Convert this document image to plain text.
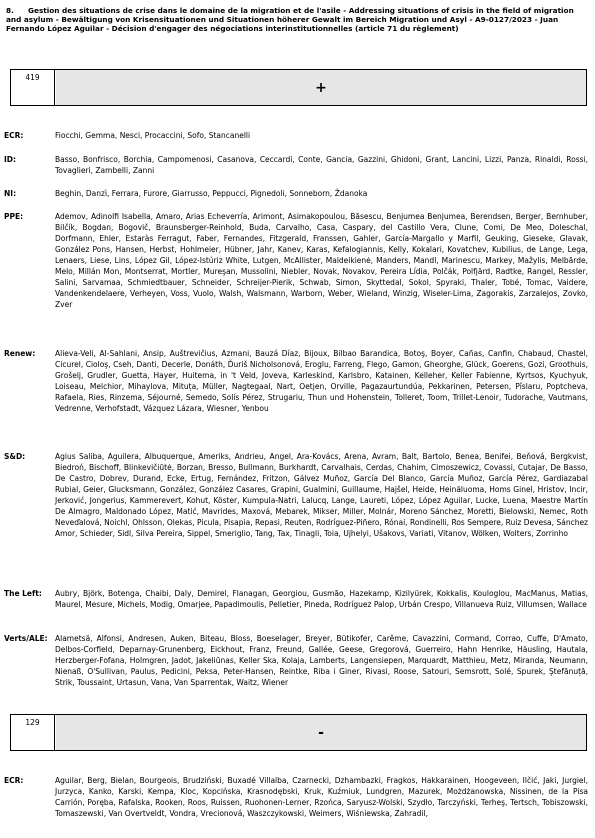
8. Gestion des situations de crise dans le domaine de la migration et de l'asile - Addressing situations of crisis in the field of migration and asylum - Bewältigung von Krisensituationen und Situationen höherer Gewalt im Bereich Migration und Asyl - A9-0127/2023 - Juan Fernando López Aguilar - Décision d'engager des négociations interinstitutionnelles (article 71 du règlement)
419
+
ECR:	Fiocchi, Gemma, Nesci, Procaccini, Sofo, Stancanelli
ID:	Basso, Bonfrisco, Borchia, Campomenosi, Casanova, Ceccardi, Conte, Gancia, Gazzini, Ghidoni, Grant, Lancini, Lizzi, Panza, Rinaldi, Rossi, Tovaglieri, Zambelli, Zanni
NI:	Beghin, Danzì, Ferrara, Furore, Giarrusso, Peppucci, Pignedoli, Sonneborn, Ždanoka
PPE:	Ademov, Adinolfi Isabella, Amaro, Arias Echeverría, Arimont, Asimakopoulou, Băsescu, Benjumea Benjumea, Berendsen, Berger, Bernhuber, Bilčík, Bogdan, Bogovič, Braunsberger-Reinhold, Buda, Carvalho, Casa, Caspary, del Castillo Vera, Clune, Comi, De Meo, Doleschal, Dorfmann, Ehler, Estaràs Ferragut, Faber, Fernandes, Fitzgerald, Franssen, Gahler, García-Margallo y Marfil, Geuking, Gieseke, Glavak, González Pons, Hansen, Herbst, Hohlmeier, Hübner, Jahr, Kanev, Karas, Kefalogiannis, Kelly, Kokalari, Kovatchev, Kubilius, de Lange, Lega, Lenaers, Liese, Lins, López Gil, López-Istúriz White, Lutgen, McAllister, Maldeikienė, Manders, Mandl, Marinescu, Markey, Mažylis, Melbārde, Melo, Millán Mon, Montserrat, Mortler, Mureşan, Mussolini, Niebler, Novak, Novakov, Pereira Lídia, Polčák, Polfjärd, Radtke, Rangel, Ressler, Salini, Sarvamaa, Schmiedtbauer, Schneider, Schreijer-Pierik, Schwab, Simon, Skyttedal, Sokol, Spyraki, Thaler, Tobé, Tomac, Vaidere, Vandenkendelaere, Verheyen, Voss, Vuolo, Walsh, Walsmann, Warborn, Weber, Wieland, Winzig, Wiseler-Lima, Zagorakis, Zarzalejos, Zovko, Zver
Renew:	Alieva-Veli, Al-Sahlani, Ansip, Auštrevičius, Azmani, Bauzá Díaz, Bijoux, Bilbao Barandica, Botoş, Boyer, Cañas, Canfin, Chabaud, Chastel, Cicurel, Cioloş, Cseh, Danti, Decerle, Donáth, Ďuriš Nicholsonová, Eroglu, Farreng, Flego, Gamon, Gheorghe, Glück, Goerens, Gozi, Groothuis, Grošelj, Grudler, Guetta, Hayer, Huitema, in 't Veld, Joveva, Karleskind, Karlsbro, Katainen, Kelleher, Keller Fabienne, Kyrtsos, Kyuchyuk, Loiseau, Melchior, Mihaylova, Mituța, Müller, Nagtegaal, Nart, Oetjen, Orville, Pagazaurtundúa, Pekkarinen, Petersen, Pîslaru, Poptcheva, Rafaela, Ries, Rinzema, Séjourné, Semedo, Solís Pérez, Strugariu, Thun und Hohenstein, Tolleret, Toom, Trillet-Lenoir, Tudorache, Vautmans, Vedrenne, Verhofstadt, Vázquez Lázara, Wiesner, Yenbou
S&D:	Agius Saliba, Aguilera, Albuquerque, Ameriks, Andrieu, Angel, Ara-Kovács, Arena, Avram, Balt, Bartolo, Benea, Benifei, Beňová, Bergkvist, Biedroń, Bischoff, Blinkevičiūtė, Borzan, Bresso, Bullmann, Burkhardt, Carvalhais, Cerdas, Chahim, Cimoszewicz, Covassi, Cutajar, De Basso, De Castro, Dobrev, Durand, Ecke, Ertug, Fernández, Fritzon, Gálvez Muñoz, García Del Blanco, García Muñoz, García Pérez, Gardiazabal Rubial, Geier, Glucksmann, González, González Casares, Grapini, Gualmini, Guillaume, Hajšel, Heide, Heinäluoma, Homs Ginel, Hristov, Incir, Jerković, Jongerius, Kammerevert, Kohut, Köster, Kumpula-Natri, Lalucq, Lange, Laureti, López, López Aguilar, Lucke, Luena, Maestre Martín De Almagro, Maldonado López, Matić, Mavrides, Maxová, Mebarek, Mikser, Miller, Molnár, Moreno Sánchez, Moretti, Bielowski, Nemec, Roth Neveďalová, Noichl, Ohlsson, Olekas, Picula, Pisapia, Repasi, Reuten, Rodríguez-Piñero, Rónai, Rondinelli, Ros Sempere, Ruiz Devesa, Sánchez Amor, Schieder, Sidl, Silva Pereira, Sippel, Smeriglio, Tang, Tax, Tinagli, Toia, Ujhelyi, Ušakovs, Variati, Vitanov, Wölken, Wolters, Zorrinho
The Left:	Aubry, Björk, Botenga, Chaibi, Daly, Demirel, Flanagan, Georgiou, Gusmão, Hazekamp, Kizilyürek, Kokkalis, Kouloglou, MacManus, Matias, Maurel, Mesure, Michels, Modig, Omarjee, Papadimoulis, Pelletier, Pineda, Rodríguez Palop, Urbán Crespo, Villanueva Ruiz, Villumsen, Wallace
Verts/ALE: Alametsä, Alfonsi, Andresen, Auken, Biteau, Bloss, Boeselager, Breyer, Bütikofer, Carême, Cavazzini, Cormand, Corrao, Cuffe, D'Amato, Delbos-Corfield, Deparnay-Grunenberg, Eickhout, Franz, Freund, Gallée, Geese, Gregorová, Guerreiro, Hahn Henrike, Häusling, Hautala, Herzberger-Fofana, Holmgren, Jadot, Jakeliūnas, Keller Ska, Kolaja, Lamberts, Langensiepen, Marquardt, Matthieu, Metz, Miranda, Neumann, Nienaß, O'Sullivan, Paulus, Pedicini, Peksa, Peter-Hansen, Reintke, Riba i Giner, Rivasi, Roose, Satouri, Semsrott, Solé, Spurek, Ştefănuță, Strik, Toussaint, Urtasun, Vana, Van Sparrentak, Waitz, Wiener
129
-
ECR:	Aguilar, Berg, Bielan, Bourgeois, Brudziński, Buxadé Villalba, Czarnecki, Dzhambazki, Fragkos, Hakkarainen, Hoogeveen, Ilčić, Jaki, Jurgiel, Jurzyca, Kanko, Karski, Kempa, Kloc, Kopcińska, Krasnodębski, Kruk, Kuźmiuk, Lundgren, Mazurek, Możdżanowska, Nissinen, de la Pisa Carrión, Poręba, Rafalska, Rooken, Roos, Ruissen, Ruohonen-Lerner, Rzońca, Saryusz-Wolski, Szydło, Tarczyński, Terheş, Tertsch, Tobiszowski, Tomaszewski, Van Overtveldt, Vondra, Vrecionová, Waszczykowski, Weimers, Wiśniewska, Zahradil,
